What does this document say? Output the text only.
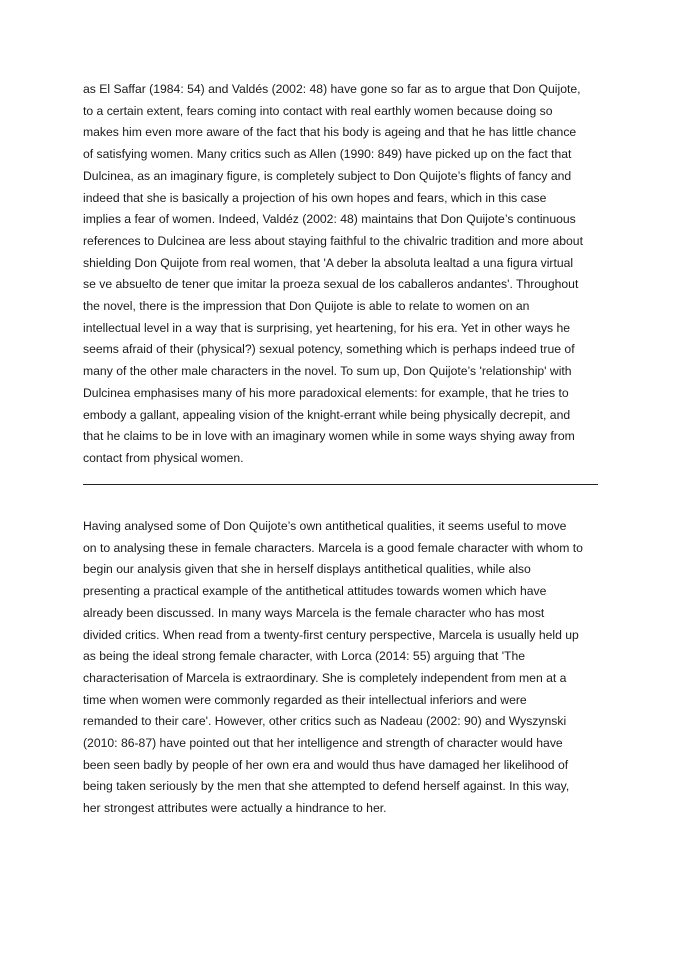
as El Saffar (1984: 54) and Valdés (2002: 48) have gone so far as to argue that Don Quijote,
to a certain extent, fears coming into contact with real earthly women because doing so
makes him even more aware of the fact that his body is ageing and that he has little chance
of satisfying women. Many critics such as Allen (1990: 849) have picked up on the fact that
Dulcinea, as an imaginary figure, is completely subject to Don Quijote’s flights of fancy and
indeed that she is basically a projection of his own hopes and fears, which in this case
implies a fear of women. Indeed, Valdéz (2002: 48) maintains that Don Quijote’s continuous
references to Dulcinea are less about staying faithful to the chivalric tradition and more about
shielding Don Quijote from real women, that 'A deber la absoluta lealtad a una figura virtual
se ve absuelto de tener que imitar la proeza sexual de los caballeros andantes'. Throughout
the novel, there is the impression that Don Quijote is able to relate to women on an
intellectual level in a way that is surprising, yet heartening, for his era. Yet in other ways he
seems afraid of their (physical?) sexual potency, something which is perhaps indeed true of
many of the other male characters in the novel. To sum up, Don Quijote’s 'relationship' with
Dulcinea emphasises many of his more paradoxical elements: for example, that he tries to
embody a gallant, appealing vision of the knight-errant while being physically decrepit, and
that he claims to be in love with an imaginary women while in some ways shying away from
contact from physical women.

Having analysed some of Don Quijote’s own antithetical qualities, it seems useful to move
on to analysing these in female characters. Marcela is a good female character with whom to
begin our analysis given that she in herself displays antithetical qualities, while also
presenting a practical example of the antithetical attitudes towards women which have
already been discussed. In many ways Marcela is the female character who has most
divided critics. When read from a twenty-first century perspective, Marcela is usually held up
as being the ideal strong female character, with Lorca (2014: 55) arguing that 'The
characterisation of Marcela is extraordinary. She is completely independent from men at a
time when women were commonly regarded as their intellectual inferiors and were
remanded to their care'. However, other critics such as Nadeau (2002: 90) and Wyszynski
(2010: 86-87) have pointed out that her intelligence and strength of character would have
been seen badly by people of her own era and would thus have damaged her likelihood of
being taken seriously by the men that she attempted to defend herself against. In this way,
her strongest attributes were actually a hindrance to her.
